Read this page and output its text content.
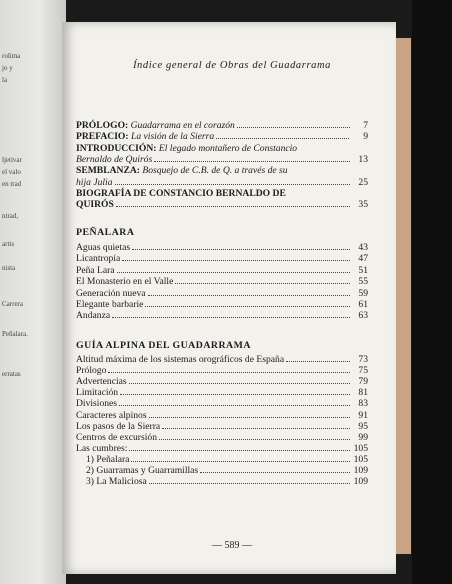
rolima
jo y
la
ljetivar
el valo
en trad
ntrad,
artis
nista
Carrera
Peñalara.
erratas
Índice general de Obras del Guadarrama
PRÓLOGO: Guadarrama en el corazón	7
PREFACIO: La visión de la Sierra	9
INTRODUCCIÓN: El legado montañero de Constancio
Bernaldo de Quirós	13
SEMBLANZA: Bosquejo de C.B. de Q. a través de su
hija Julia	25
BIOGRAFÍA DE CONSTANCIO BERNALDO DE
QUIRÓS	35
PEÑALARA
Aguas quietas	43
Licantropía	47
Peña Lara	51
El Monasterio en el Valle	55
Generación nueva	59
Elegante barbarie	61
Andanza	63
GUÍA ALPINA DEL GUADARRAMA
Altitud máxima de los sistemas orográficos de España	73
Prólogo	75
Advertencias	79
Limitación	81
Divisiones	83
Caracteres alpinos	91
Los pasos de la Sierra	95
Centros de excursión	99
Las cumbres:	105
1) Peñalara	105
2) Guarramas y Guarramillas	109
3) La Maliciosa	109
— 589 —
